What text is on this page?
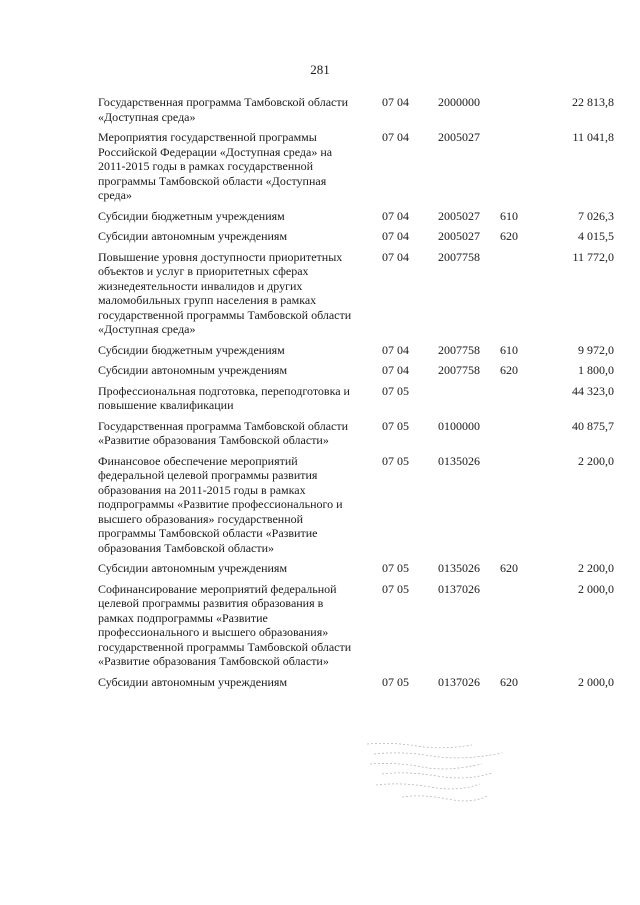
281
Государственная программа Тамбовской области «Доступная среда»	07 04	2000000		22 813,8
Мероприятия государственной программы Российской Федерации «Доступная среда» на 2011-2015 годы в рамках государственной программы Тамбовской области «Доступная среда»	07 04	2005027		11 041,8
Субсидии бюджетным учреждениям	07 04	2005027	610	7 026,3
Субсидии автономным учреждениям	07 04	2005027	620	4 015,5
Повышение уровня доступности приоритетных объектов и услуг в приоритетных сферах жизнедеятельности инвалидов и других маломобильных групп населения в рамках государственной программы Тамбовской области «Доступная среда»	07 04	2007758		11 772,0
Субсидии бюджетным учреждениям	07 04	2007758	610	9 972,0
Субсидии автономным учреждениям	07 04	2007758	620	1 800,0
Профессиональная подготовка, переподготовка и повышение квалификации	07 05			44 323,0
Государственная программа Тамбовской области «Развитие образования Тамбовской области»	07 05	0100000		40 875,7
Финансовое обеспечение мероприятий федеральной целевой программы развития образования на 2011-2015 годы в рамках подпрограммы «Развитие профессионального и высшего образования» государственной программы Тамбовской области «Развитие образования Тамбовской области»	07 05	0135026		2 200,0
Субсидии автономным учреждениям	07 05	0135026	620	2 200,0
Софинансирование мероприятий федеральной целевой программы развития образования в рамках подпрограммы «Развитие профессионального и высшего образования» государственной программы Тамбовской области «Развитие образования Тамбовской области»	07 05	0137026		2 000,0
Субсидии автономным учреждениям	07 05	0137026	620	2 000,0
